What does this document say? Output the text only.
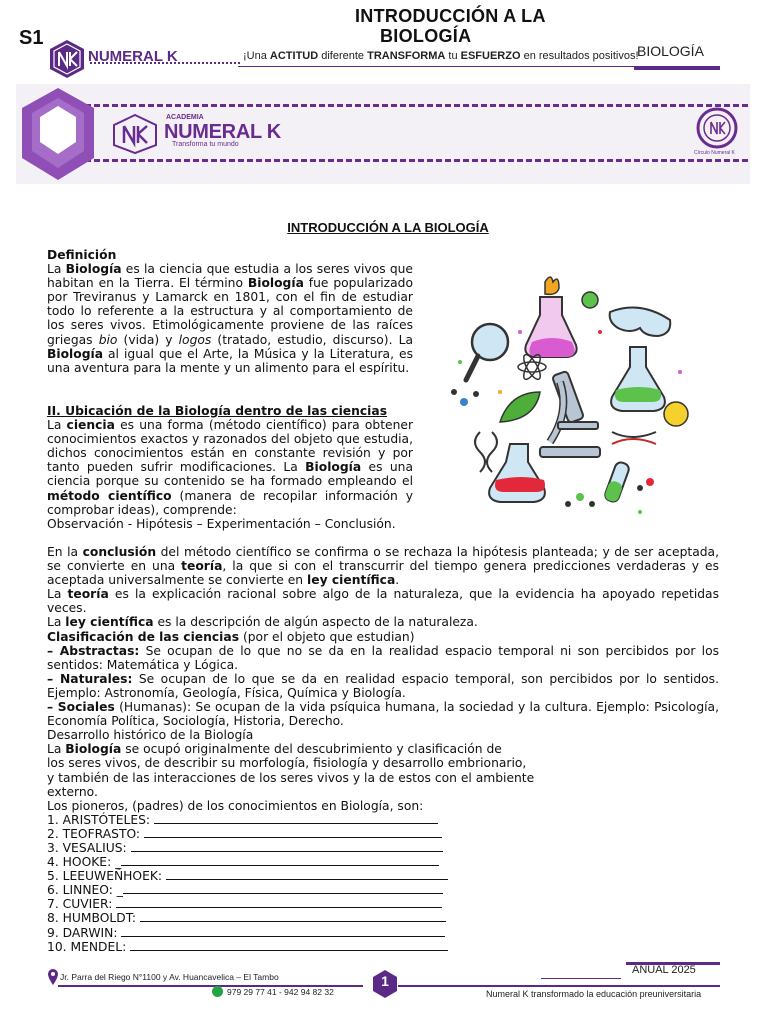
INTRODUCCIÓN A LA
BIOLOGÍA
S1
NUMERAL K	¡Una ACTITUD diferente TRANSFORMA tu ESFUERZO en resultados positivos!
BIOLOGÍA
ACADEMIA
NUMERAL K
Transforma tu mundo
Círculo Numeral K
INTRODUCCIÓN A LA BIOLOGÍA
Definición

La Biología es la ciencia que estudia a los seres vivos que habitan en la Tierra. El término Biología fue popularizado por Treviranus y Lamarck en 1801, con el fin de estudiar todo lo referente a la estructura y al comportamiento de los seres vivos. Etimológicamente proviene de las raíces griegas bio (vida) y logos (tratado, estudio, discurso). La Biología al igual que el Arte, la Música y la Literatura, es una aventura para la mente y un alimento para el espíritu.

II. Ubicación de la Biología dentro de las ciencias

La ciencia es una forma (método científico) para obtener conocimientos exactos y razonados del objeto que estudia, dichos conocimientos están en constante revisión y por tanto pueden sufrir modificaciones. La Biología es una ciencia porque su contenido se ha formado empleando el método científico (manera de recopilar información y comprobar ideas), comprende:

Observación - Hipótesis – Experimentación – Conclusión.

En la conclusión del método científico se confirma o se rechaza la hipótesis planteada; y de ser aceptada, se convierte en una teoría, la que si con el transcurrir del tiempo genera predicciones verdaderas y es aceptada universalmente se convierte en ley científica.

La teoría es la explicación racional sobre algo de la naturaleza, que la evidencia ha apoyado repetidas veces.

La ley científica es la descripción de algún aspecto de la naturaleza.

Clasificación de las ciencias (por el objeto que estudian)

– Abstractas: Se ocupan de lo que no se da en la realidad espacio temporal ni son percibidos por los sentidos: Matemática y Lógica.

– Naturales: Se ocupan de lo que se da en realidad espacio temporal, son percibidos por lo sentidos. Ejemplo: Astronomía, Geología, Física, Química y Biología.

– Sociales (Humanas): Se ocupan de la vida psíquica humana, la sociedad y la cultura. Ejemplo: Psicología, Economía Política, Sociología, Historia, Derecho.

Desarrollo histórico de la Biología
La Biología se ocupó originalmente del descubrimiento y clasificación de
los seres vivos, de describir su morfología, fisiología y desarrollo embrionario,
y también de las interacciones de los seres vivos y la de estos con el ambiente
externo.
Los pioneros, (padres) de los conocimientos en Biología, son:
1. ARISTÓTELES:
2. TEOFRASTO:
3. VESALIUS:
4. HOOKE: _
5. LEEUWEÑHOEK:
6. LINNEO: _
7. CUVIER:
8. HUMBOLDT:
9. DARWIN:
10. MENDEL:
Jr. Parra del Riego N°1100 y Av. Huancavelica – El Tambo	1
979 29 77 41 - 942 94 82 32
ANUAL 2025
Numeral K transformado la educación preuniversitaria
